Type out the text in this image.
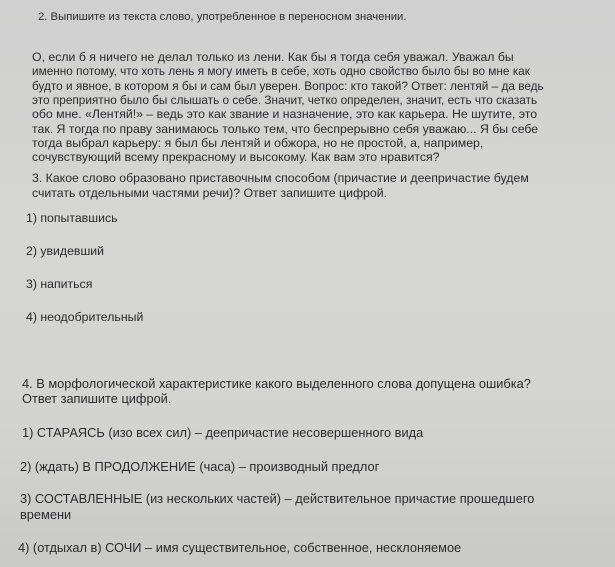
2. Выпишите из текста слово, употребленное в переносном значении.
О, если б я ничего не делал только из лени. Как бы я тогда себя уважал. Уважал бы
именно потому, что хоть лень я могу иметь в себе, хоть одно свойство было бы во мне как
будто и явное, в котором я бы и сам был уверен. Вопрос: кто такой? Ответ: лентяй – да ведь
это преприятно было бы слышать о себе. Значит, четко определен, значит, есть что сказать
обо мне. «Лентяй!» – ведь это как звание и назначение, это как карьера. Не шутите, это
так. Я тогда по праву занимаюсь только тем, что беспрерывно себя уважаю... Я бы себе
тогда выбрал карьеру: я был бы лентяй и обжора, но не простой, а, например,
сочувствующий всему прекрасному и высокому. Как вам это нравится?
3. Какое слово образовано приставочным способом (причастие и деепричастие будем
считать отдельными частями речи)? Ответ запишите цифрой.
1) попытавшись
2) увидевший
3) напиться
4) неодобрительный
4. В морфологической характеристике какого выделенного слова допущена ошибка?
Ответ запишите цифрой.
1) СТАРАЯСЬ (изо всех сил) – деепричастие несовершенного вида
2) (ждать) В ПРОДОЛЖЕНИЕ (часа) – производный предлог
3) СОСТАВЛЕННЫЕ (из нескольких частей) – действительное причастие прошедшего
времени
4) (отдыхал в) СОЧИ – имя существительное, собственное, несклоняемое
